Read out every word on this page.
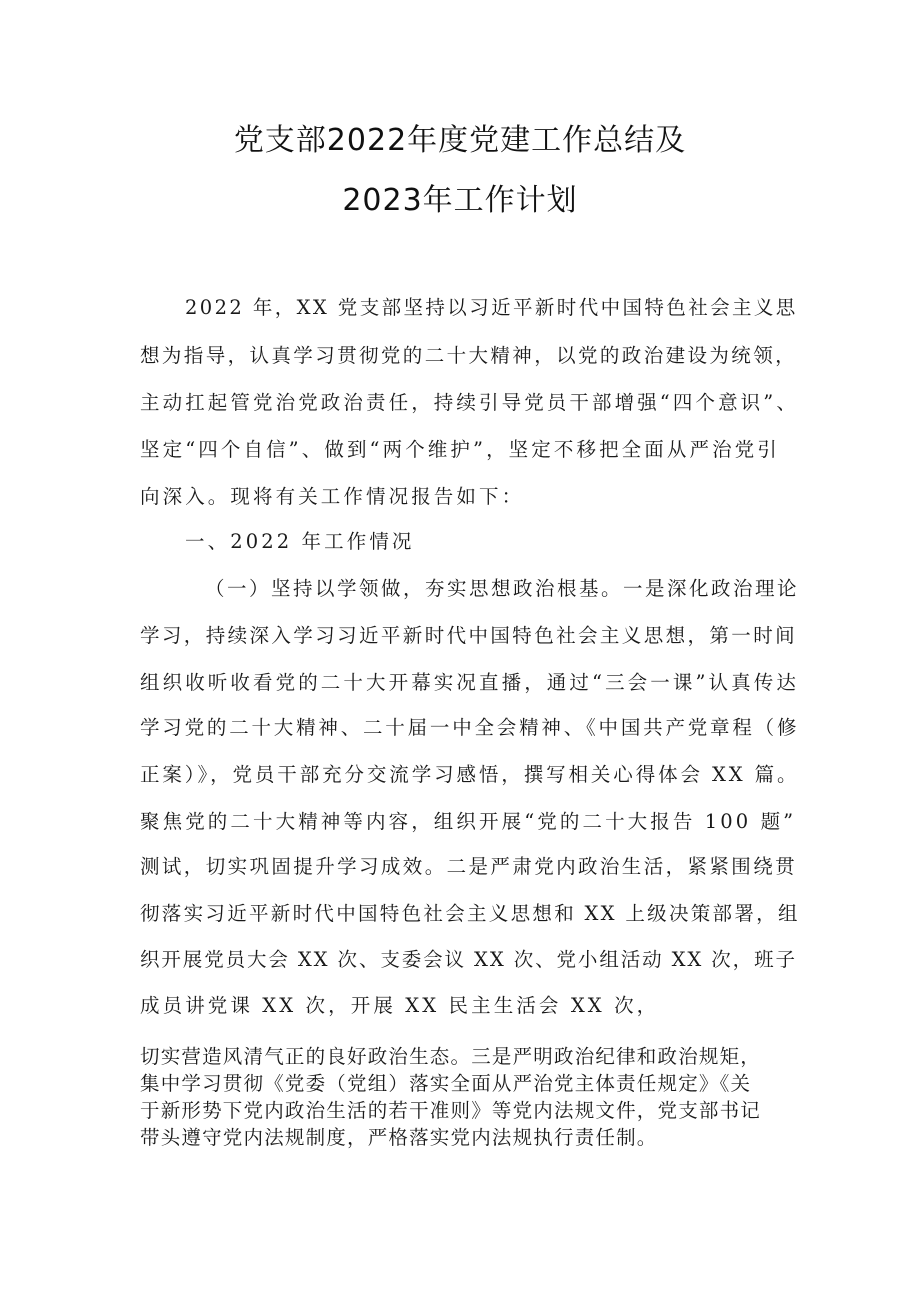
党支部2022年度党建工作总结及
2023年工作计划
2022 年，XX 党支部坚持以习近平新时代中国特色社会主义思
想为指导，认真学习贯彻党的二十大精神，以党的政治建设为统领，
主动扛起管党治党政治责任，持续引导党员干部增强“四个意识”、
坚定“四个自信”、做到“两个维护”，坚定不移把全面从严治党引
向深入。现将有关工作情况报告如下：
一、2022 年工作情况
（一）坚持以学领做，夯实思想政治根基。一是深化政治理论
学习，持续深入学习习近平新时代中国特色社会主义思想，第一时间
组织收听收看党的二十大开幕实况直播，通过“三会一课”认真传达
学习党的二十大精神、二十届一中全会精神、《中国共产党章程（修
正案）》，党员干部充分交流学习感悟，撰写相关心得体会 XX 篇。
聚焦党的二十大精神等内容，组织开展“党的二十大报告 100 题”
测试，切实巩固提升学习成效。二是严肃党内政治生活，紧紧围绕贯
彻落实习近平新时代中国特色社会主义思想和 XX 上级决策部署，组
织开展党员大会 XX 次、支委会议 XX 次、党小组活动 XX 次，班子
成员讲党课 XX 次，开展 XX 民主生活会 XX 次，
切实营造风清气正的良好政治生态。三是严明政治纪律和政治规矩，
集中学习贯彻《党委（党组）落实全面从严治党主体责任规定》《关
于新形势下党内政治生活的若干准则》等党内法规文件，党支部书记
带头遵守党内法规制度，严格落实党内法规执行责任制。
